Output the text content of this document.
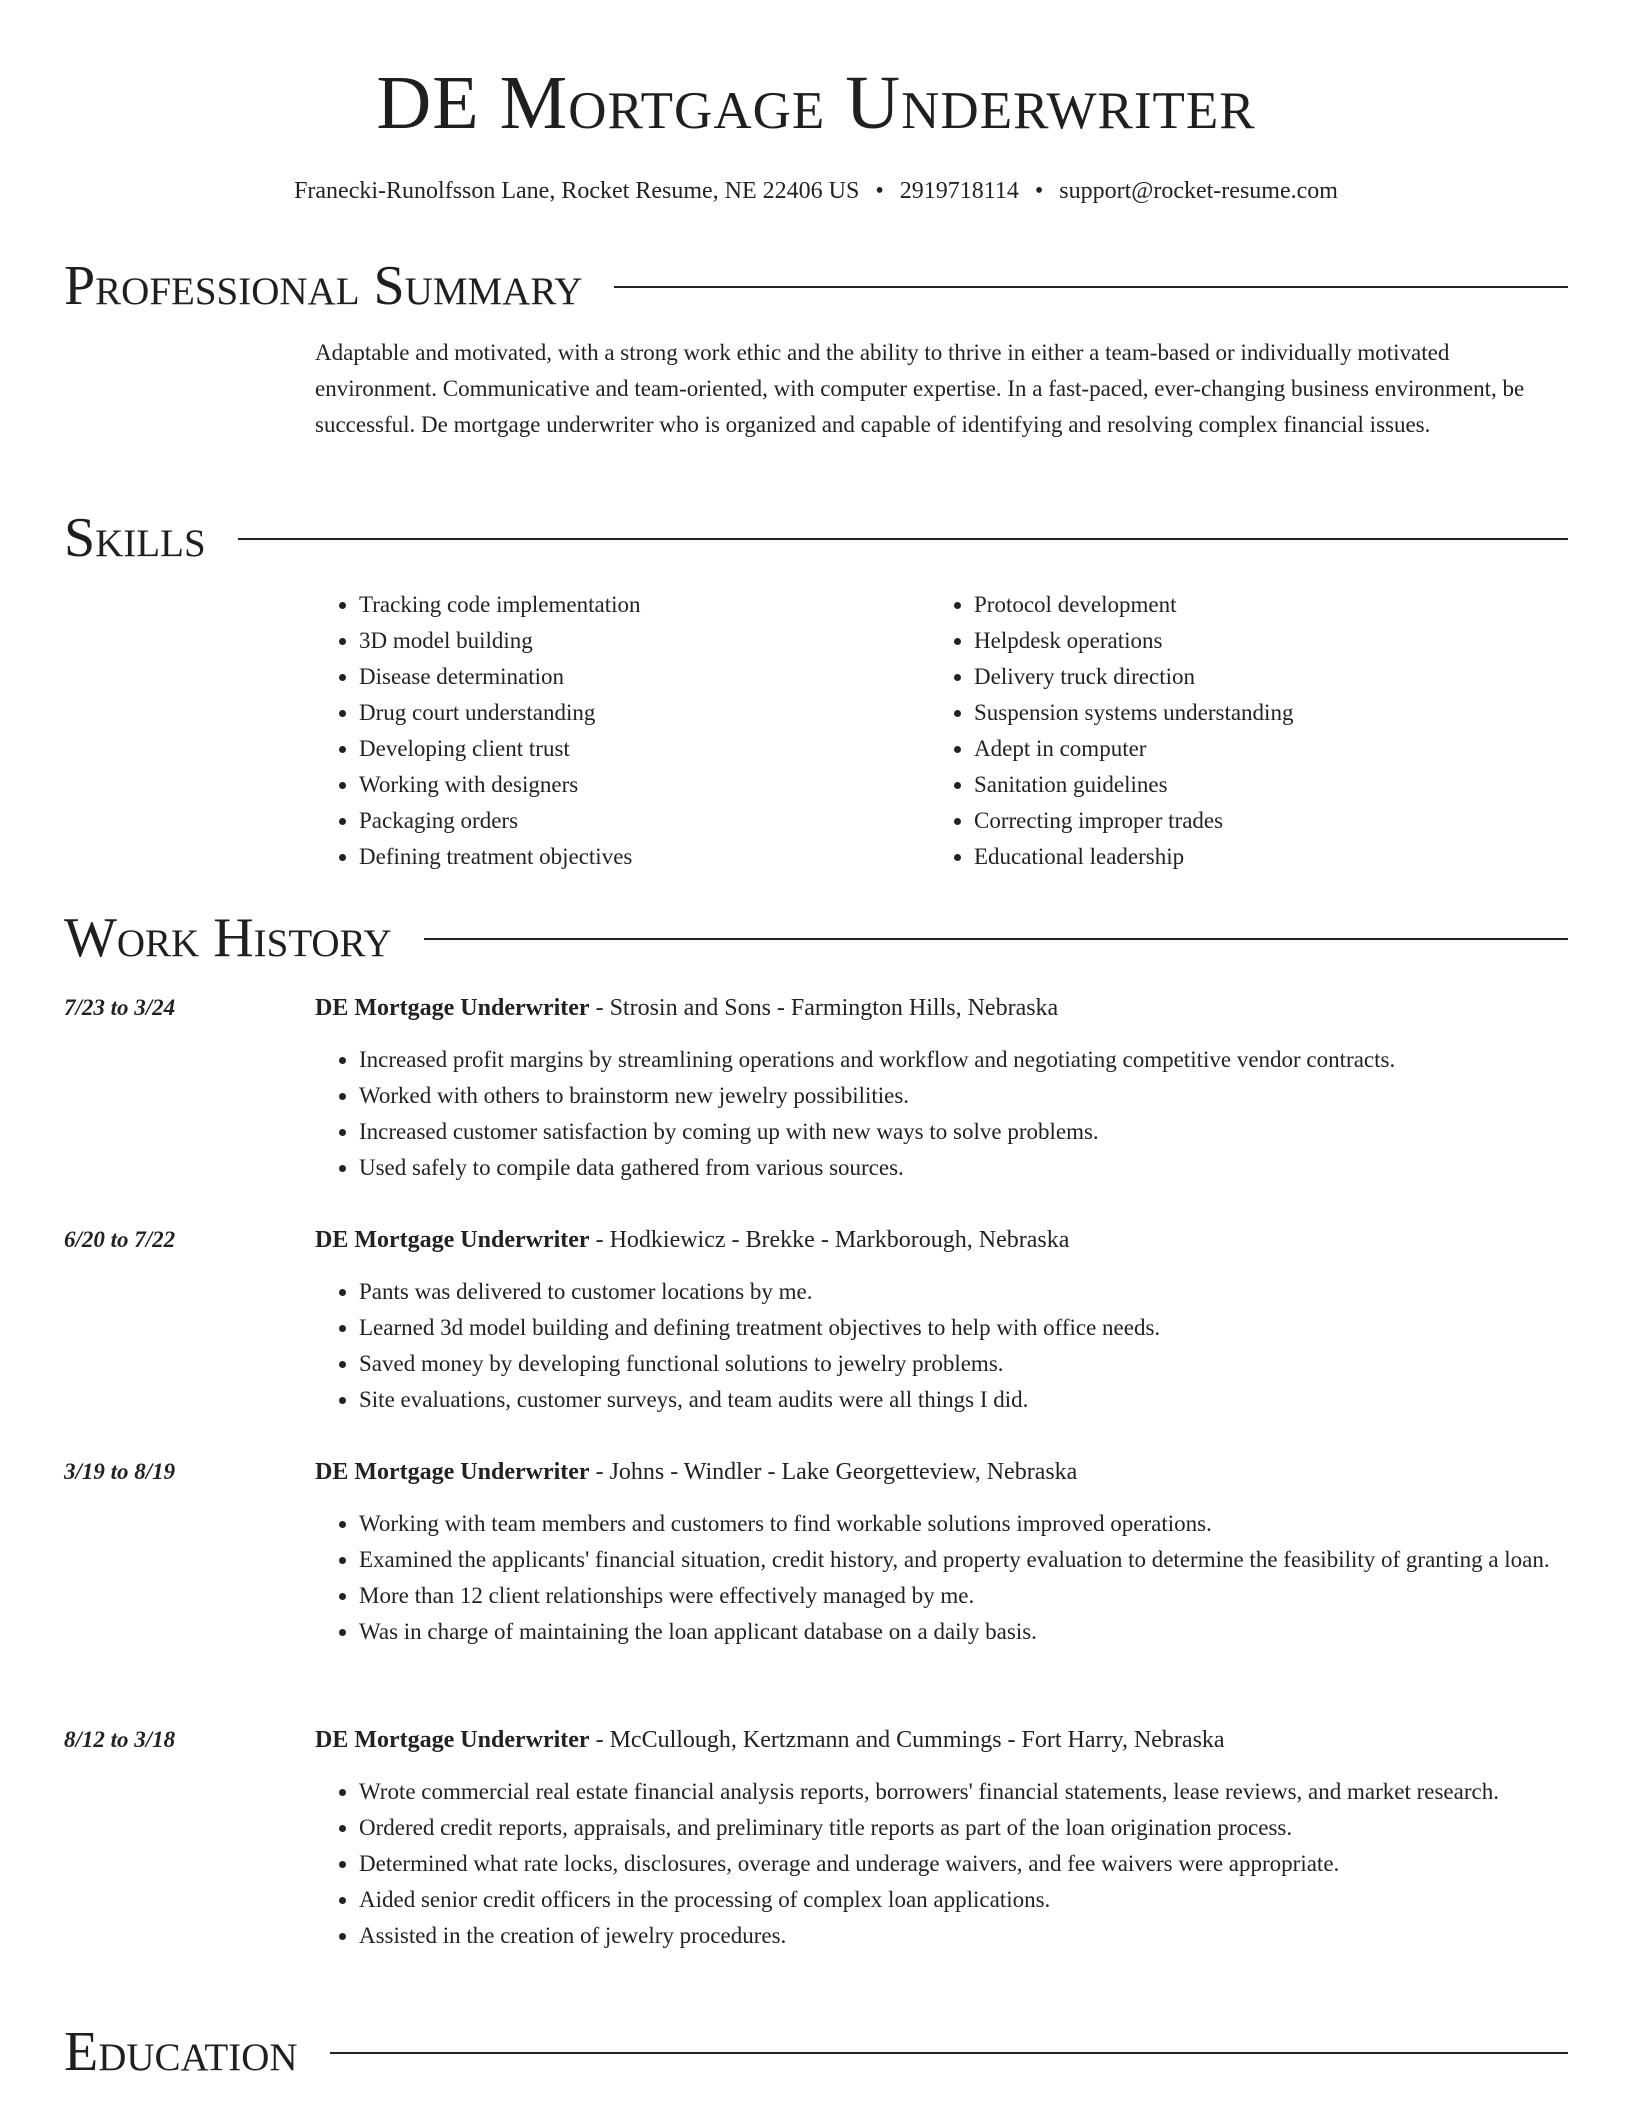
DE Mortgage Underwriter
Franecki-Runolfsson Lane, Rocket Resume, NE 22406 US • 2919718114 • support@rocket-resume.com
Professional Summary
Adaptable and motivated, with a strong work ethic and the ability to thrive in either a team-based or individually motivated environment. Communicative and team-oriented, with computer expertise. In a fast-paced, ever-changing business environment, be successful. De mortgage underwriter who is organized and capable of identifying and resolving complex financial issues.
Skills
• Tracking code implementation
• 3D model building
• Disease determination
• Drug court understanding
• Developing client trust
• Working with designers
• Packaging orders
• Defining treatment objectives
• Protocol development
• Helpdesk operations
• Delivery truck direction
• Suspension systems understanding
• Adept in computer
• Sanitation guidelines
• Correcting improper trades
• Educational leadership
Work History
7/23 to 3/24	DE Mortgage Underwriter - Strosin and Sons - Farmington Hills, Nebraska
• Increased profit margins by streamlining operations and workflow and negotiating competitive vendor contracts.
• Worked with others to brainstorm new jewelry possibilities.
• Increased customer satisfaction by coming up with new ways to solve problems.
• Used safely to compile data gathered from various sources.
6/20 to 7/22	DE Mortgage Underwriter - Hodkiewicz - Brekke - Markborough, Nebraska
• Pants was delivered to customer locations by me.
• Learned 3d model building and defining treatment objectives to help with office needs.
• Saved money by developing functional solutions to jewelry problems.
• Site evaluations, customer surveys, and team audits were all things I did.
3/19 to 8/19	DE Mortgage Underwriter - Johns - Windler - Lake Georgetteview, Nebraska
• Working with team members and customers to find workable solutions improved operations.
• Examined the applicants' financial situation, credit history, and property evaluation to determine the feasibility of granting a loan.
• More than 12 client relationships were effectively managed by me.
• Was in charge of maintaining the loan applicant database on a daily basis.
8/12 to 3/18	DE Mortgage Underwriter - McCullough, Kertzmann and Cummings - Fort Harry, Nebraska
• Wrote commercial real estate financial analysis reports, borrowers' financial statements, lease reviews, and market research.
• Ordered credit reports, appraisals, and preliminary title reports as part of the loan origination process.
• Determined what rate locks, disclosures, overage and underage waivers, and fee waivers were appropriate.
• Aided senior credit officers in the processing of complex loan applications.
• Assisted in the creation of jewelry procedures.
Education
